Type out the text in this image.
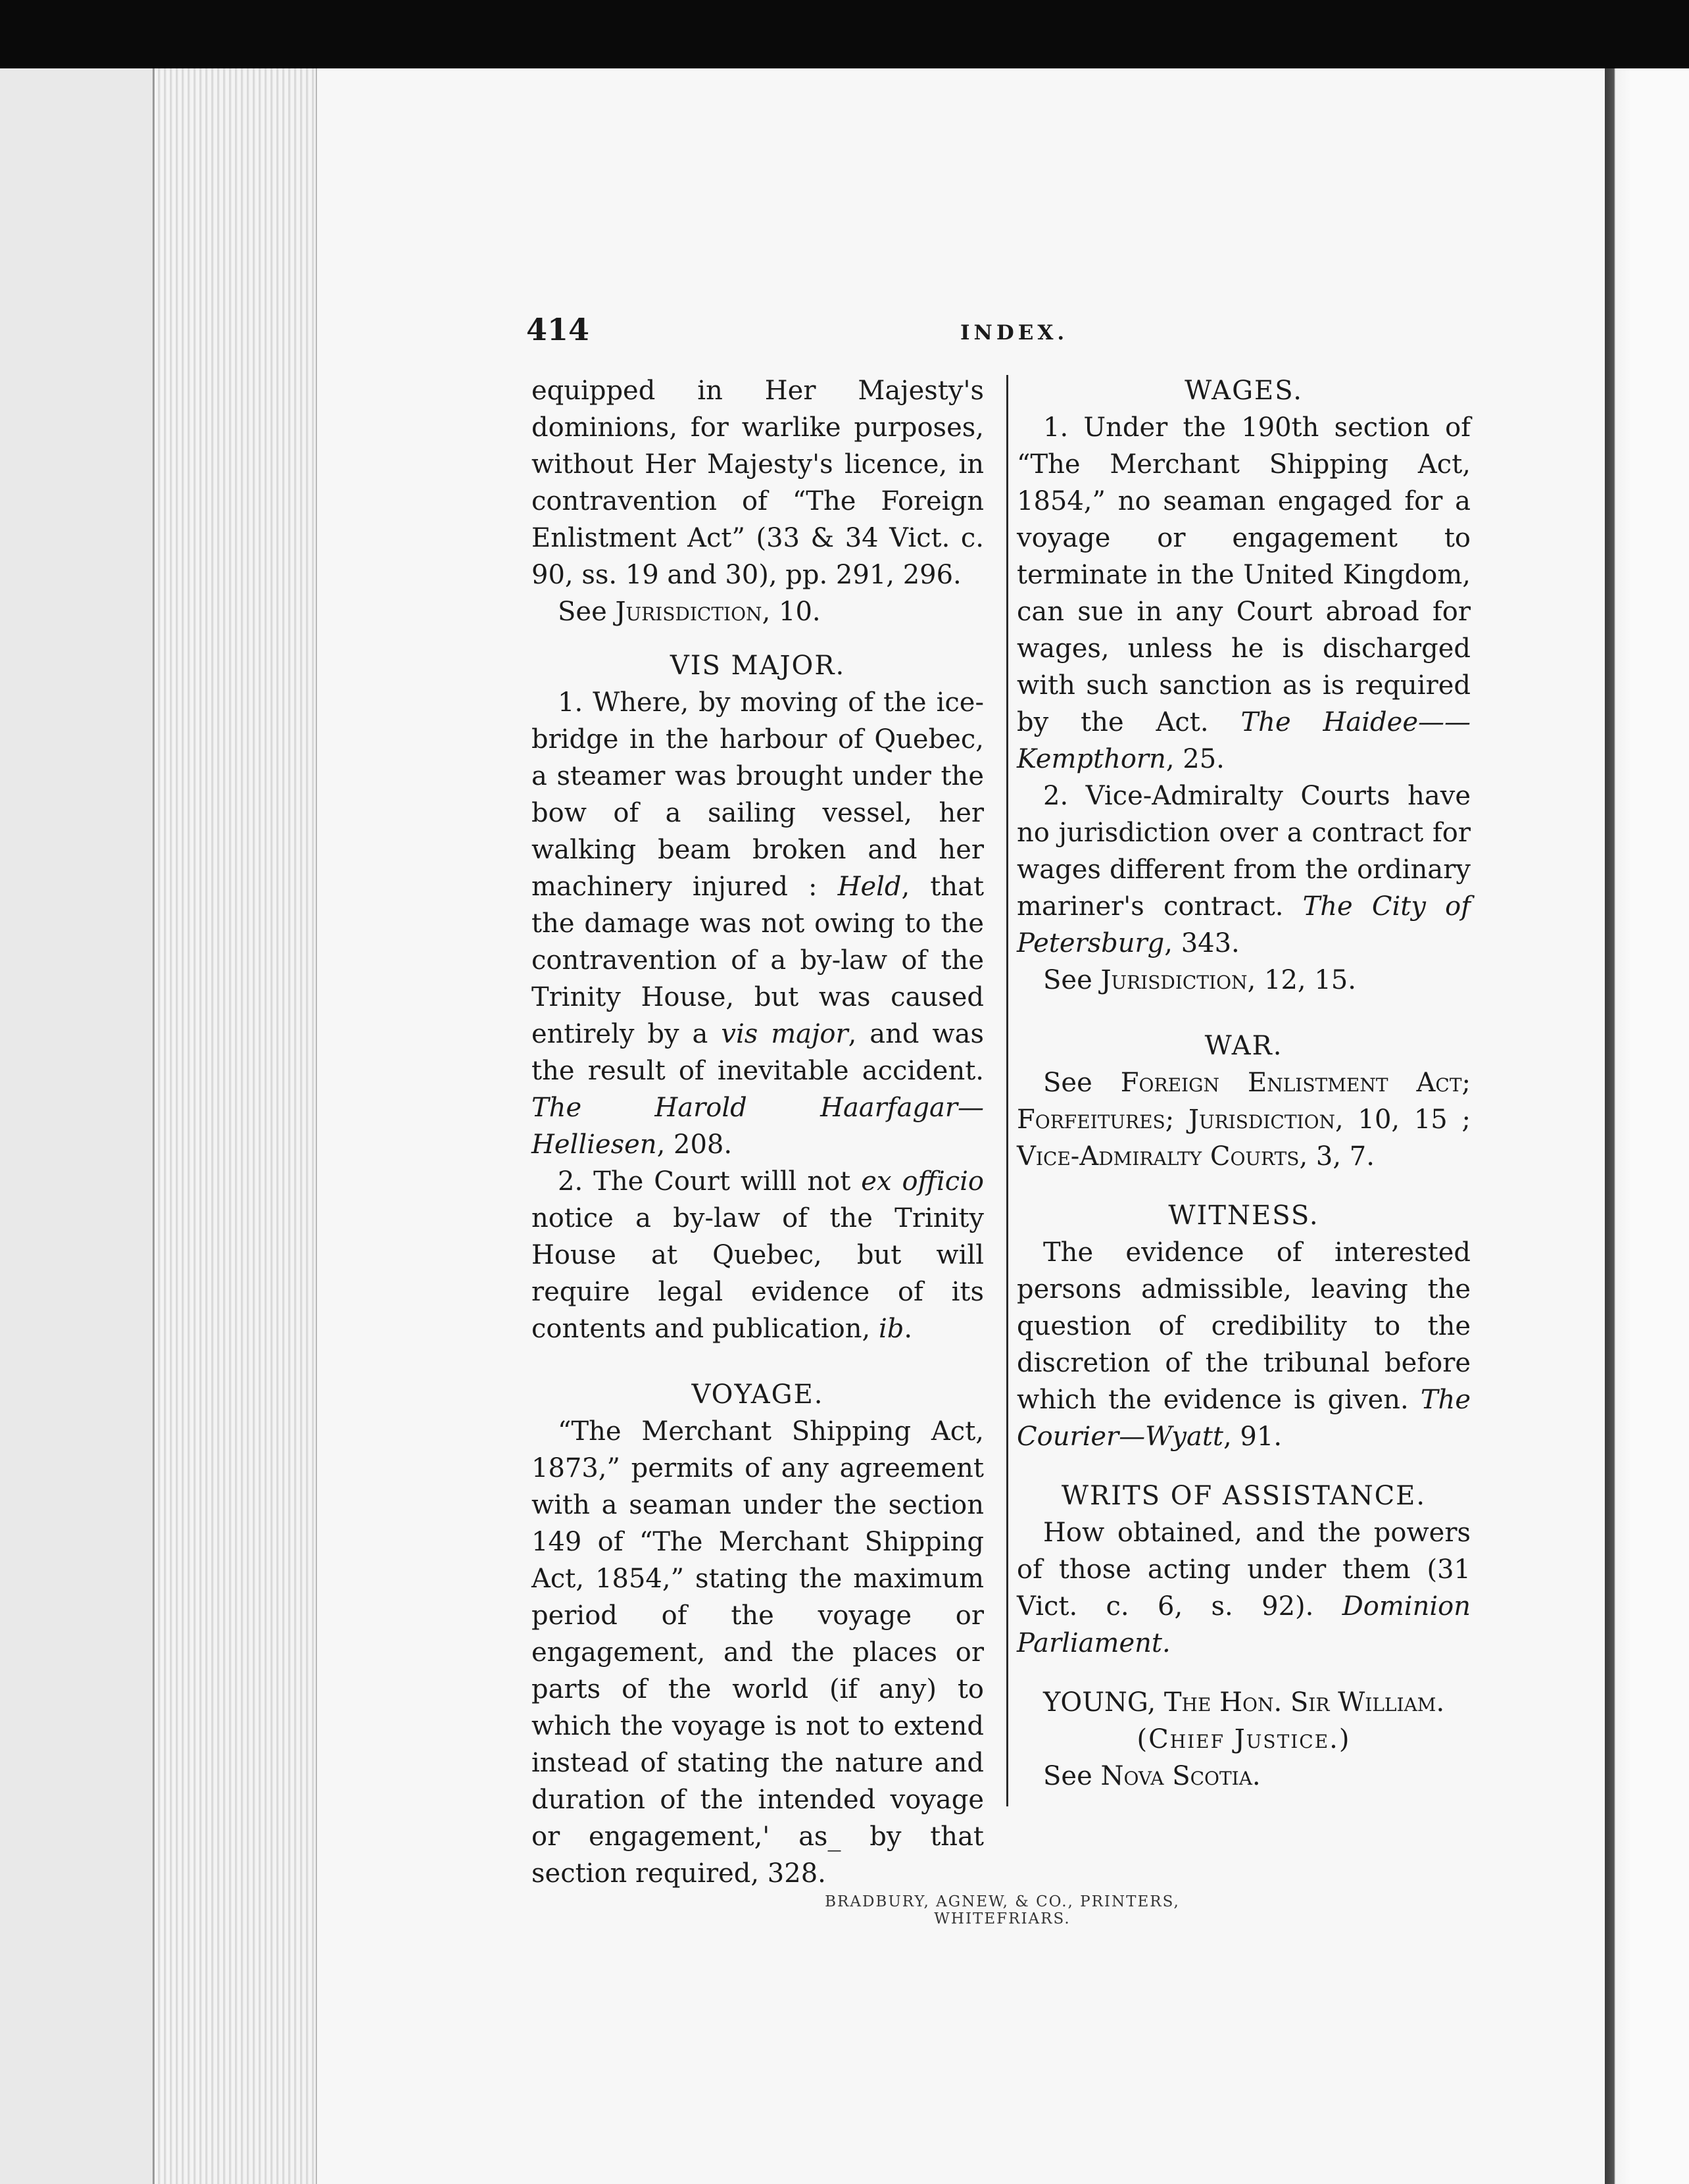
414	INDEX.

equipped in Her Majesty's dominions, for warlike purposes, without Her Majesty's licence, in contravention of “The Foreign Enlistment Act” (33 & 34 Vict. c. 90, ss. 19 and 30), pp. 291, 296.

See Jurisdiction, 10.

VIS MAJOR.

1. Where, by moving of the ice-bridge in the harbour of Quebec, a steamer was brought under the bow of a sailing vessel, her walking beam broken and her machinery injured : Held, that the damage was not owing to the contravention of a by-law of the Trinity House, but was caused entirely by a vis major, and was the result of inevitable accident. The Harold Haarfagar—Helliesen, 208.

2. The Court willl not ex officio notice a by-law of the Trinity House at Quebec, but will require legal evidence of its contents and publication, ib.

VOYAGE.

“The Merchant Shipping Act, 1873,” permits of any agreement with a seaman under the section 149 of “The Merchant Shipping Act, 1854,” stating the maximum period of the voyage or engagement, and the places or parts of the world (if any) to which the voyage is not to extend instead of stating the nature and duration of the intended voyage or engagement,' as_ by that section required, 328.

WAGES.

1. Under the 190th section of “The Merchant Shipping Act, 1854,” no seaman engaged for a voyage or engagement to terminate in the United Kingdom, can sue in any Court abroad for wages, unless he is discharged with such sanction as is required by the Act. The Haidee——Kempthorn, 25.

2. Vice-Admiralty Courts have no jurisdiction over a contract for wages different from the ordinary mariner's contract. The City of Petersburg, 343.

See Jurisdiction, 12, 15.

WAR.

See Foreign Enlistment Act; Forfeitures; Jurisdiction, 10, 15 ; Vice-Admiralty Courts, 3, 7.

WITNESS.

The evidence of interested persons admissible, leaving the question of credibility to the discretion of the tribunal before which the evidence is given. The Courier—Wyatt, 91.

WRITS OF ASSISTANCE.

How obtained, and the powers of those acting under them (31 Vict. c. 6, s. 92). Dominion Parliament.

YOUNG, The Hon. Sir William.

(Chief Justice.)

See Nova Scotia.

BRADBURY, AGNEW, & CO., PRINTERS, WHITEFRIARS.
